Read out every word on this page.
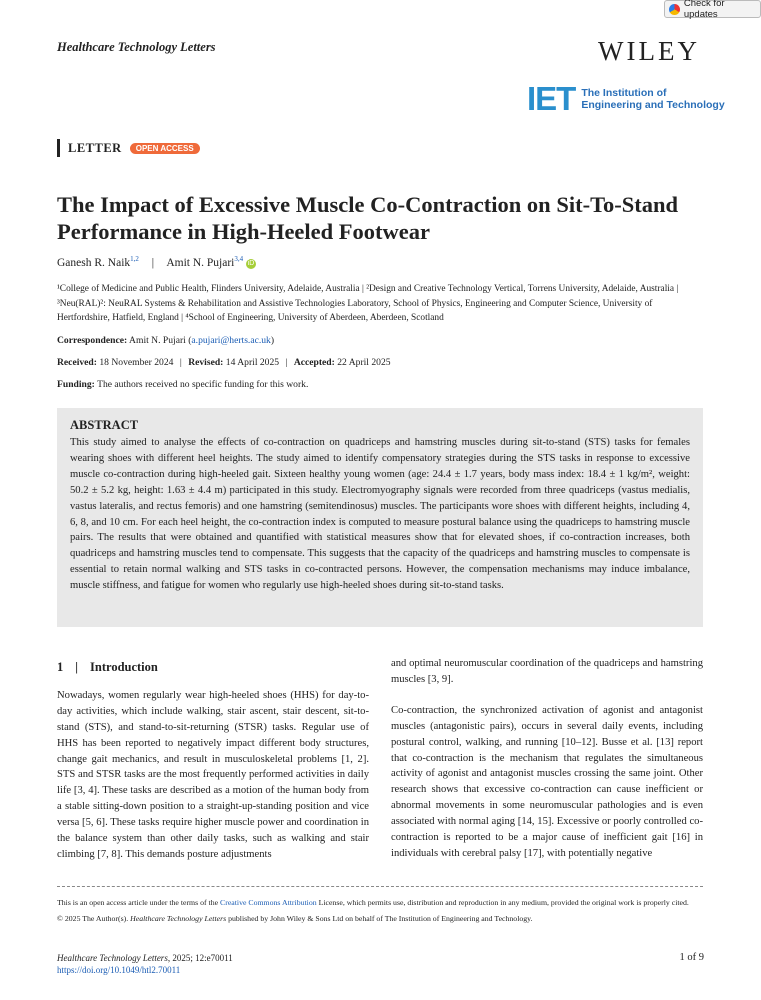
Check for updates
Healthcare Technology Letters	WILEY
IET The Institution of
Engineering and Technology
LETTER	OPEN ACCESS
The Impact of Excessive Muscle Co-Contraction on Sit-To-Stand Performance in High-Heeled Footwear
Ganesh R. Naik$^{1,2}$ | Amit N. Pujari$^{3,4}$ iD
¹College of Medicine and Public Health, Flinders University, Adelaide, Australia | ²Design and Creative Technology Vertical, Torrens University, Adelaide, Australia | ³Neu(RAL)²: NeuRAL Systems & Rehabilitation and Assistive Technologies Laboratory, School of Physics, Engineering and Computer Science, University of Hertfordshire, Hatfield, England | ⁴School of Engineering, University of Aberdeen, Aberdeen, Scotland
Correspondence: Amit N. Pujari (a.pujari@herts.ac.uk)
Received: 18 November 2024 | Revised: 14 April 2025 | Accepted: 22 April 2025
Funding: The authors received no specific funding for this work.
ABSTRACT

This study aimed to analyse the effects of co-contraction on quadriceps and hamstring muscles during sit-to-stand (STS) tasks for females wearing shoes with different heel heights. The study aimed to identify compensatory strategies during the STS tasks in response to excessive muscle co-contraction during high-heeled gait. Sixteen healthy young women (age: 24.4 ± 1.7 years, body mass index: 18.4 ± 1 kg/m², weight: 50.2 ± 5.2 kg, height: 1.63 ± 4.4 m) participated in this study. Electromyography signals were recorded from three quadriceps (vastus medialis, vastus lateralis, and rectus femoris) and one hamstring (semitendinosus) muscles. The participants wore shoes with different heights, including 4, 6, 8, and 10 cm. For each heel height, the co-contraction index is computed to measure postural balance using the quadriceps to hamstring muscle pairs. The results that were obtained and quantified with statistical measures show that for elevated shoes, if co-contraction increases, both quadriceps and hamstring muscles tend to compensate. This suggests that the capacity of the quadriceps and hamstring muscles to compensate is essential to retain normal walking and STS tasks in co-contracted persons. However, the compensation mechanisms may induce imbalance, muscle stiffness, and fatigue for women who regularly use high-heeled shoes during sit-to-stand tasks.

1 | Introduction

Nowadays, women regularly wear high-heeled shoes (HHS) for day-to-day activities, which include walking, stair ascent, stair descent, sit-to-stand (STS), and stand-to-sit-returning (STSR) tasks. Regular use of HHS has been reported to negatively impact different body structures, change gait mechanics, and result in musculoskeletal problems [1, 2]. STS and STSR tasks are the most frequently performed activities in daily life [3, 4]. These tasks are described as a motion of the human body from a stable sitting-down position to a straight-up-standing position and vice versa [5, 6]. These tasks require higher muscle power and coordination in the balance system than other daily tasks, such as walking and stair climbing [7, 8]. This demands posture adjustments

and optimal neuromuscular coordination of the quadriceps and hamstring muscles [3, 9].

Co-contraction, the synchronized activation of agonist and antagonist muscles (antagonistic pairs), occurs in several daily events, including postural control, walking, and running [10–12]. Busse et al. [13] report that co-contraction is the mechanism that regulates the simultaneous activity of agonist and antagonist muscles crossing the same joint. Other research shows that excessive co-contraction can cause inefficient or abnormal movements in some neuromuscular pathologies and is even associated with normal aging [14, 15]. Excessive or poorly controlled co-contraction is reported to be a major cause of inefficient gait [16] in individuals with cerebral palsy [17], with potentially negative

This is an open access article under the terms of the Creative Commons Attribution License, which permits use, distribution and reproduction in any medium, provided the original work is properly cited.

© 2025 The Author(s). Healthcare Technology Letters published by John Wiley & Sons Ltd on behalf of The Institution of Engineering and Technology.

Healthcare Technology Letters, 2025; 12:e70011
https://doi.org/10.1049/htl2.70011
1 of 9
